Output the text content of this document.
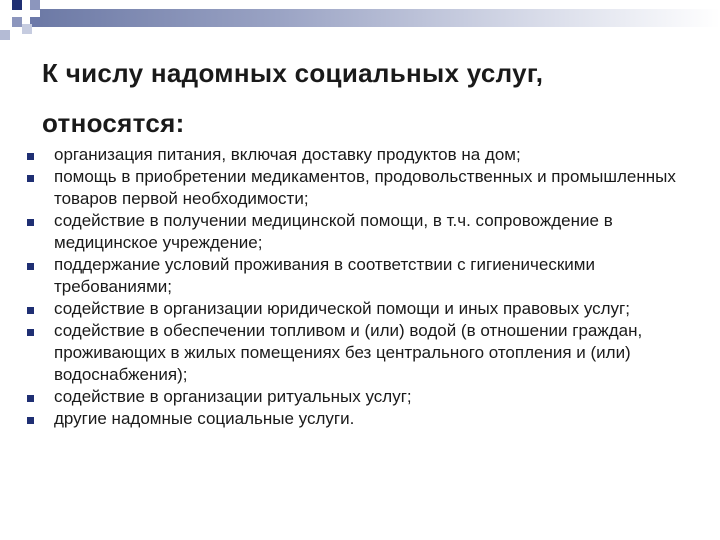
К числу надомных социальных услуг,
относятся:
организация питания, включая доставку продуктов на дом;
помощь в приобретении медикаментов, продовольственных и промышленных товаров первой необходимости;
содействие в получении медицинской помощи, в т.ч. сопровождение в медицинское учреждение;
поддержание условий проживания в соответствии с гигиеническими требованиями;
содействие в организации юридической помощи и иных правовых услуг;
содействие в обеспечении топливом и (или) водой (в отношении граждан, проживающих в жилых помещениях без центрального отопления и (или) водоснабжения);
содействие в организации ритуальных услуг;
другие надомные социальные услуги.
